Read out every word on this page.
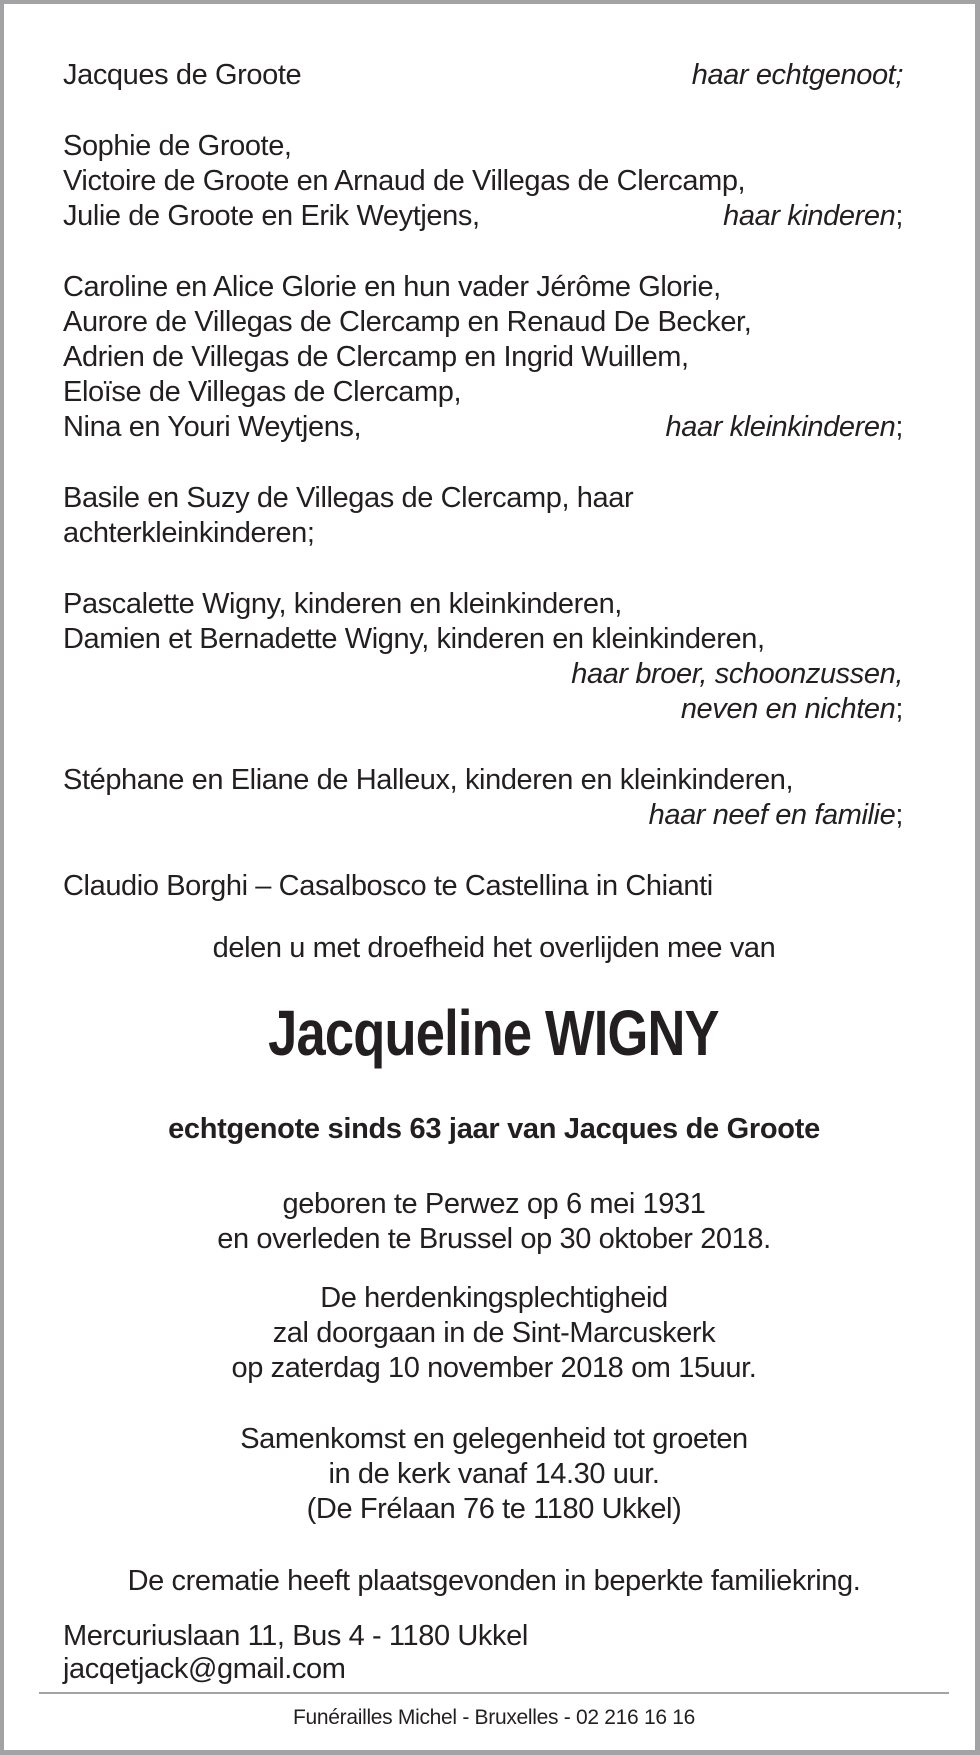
Jacques de Groote	haar echtgenoot;
Sophie de Groote,
Victoire de Groote en Arnaud de Villegas de Clercamp,
Julie de Groote en Erik Weytjens,	haar kinderen;
Caroline en Alice Glorie en hun vader Jérôme Glorie,
Aurore de Villegas de Clercamp en Renaud De Becker,
Adrien de Villegas de Clercamp en Ingrid Wuillem,
Eloïse de Villegas de Clercamp,
Nina en Youri Weytjens,	haar kleinkinderen;
Basile en Suzy de Villegas de Clercamp, haar
achterkleinkinderen;
Pascalette Wigny, kinderen en kleinkinderen,
Damien et Bernadette Wigny, kinderen en kleinkinderen,
haar broer, schoonzussen,
neven en nichten;
Stéphane en Eliane de Halleux, kinderen en kleinkinderen,
haar neef en familie;
Claudio Borghi – Casalbosco te Castellina in Chianti
delen u met droefheid het overlijden mee van
Jacqueline WIGNY
echtgenote sinds 63 jaar van Jacques de Groote
geboren te Perwez op 6 mei 1931
en overleden te Brussel op 30 oktober 2018.
De herdenkingsplechtigheid
zal doorgaan in de Sint-Marcuskerk
op zaterdag 10 november 2018 om 15uur.
Samenkomst en gelegenheid tot groeten
in de kerk vanaf 14.30 uur.
(De Frélaan 76 te 1180 Ukkel)
De crematie heeft plaatsgevonden in beperkte familiekring.
Mercuriuslaan 11, Bus 4 - 1180 Ukkel
jacqetjack@gmail.com
Funérailles Michel - Bruxelles - 02 216 16 16
